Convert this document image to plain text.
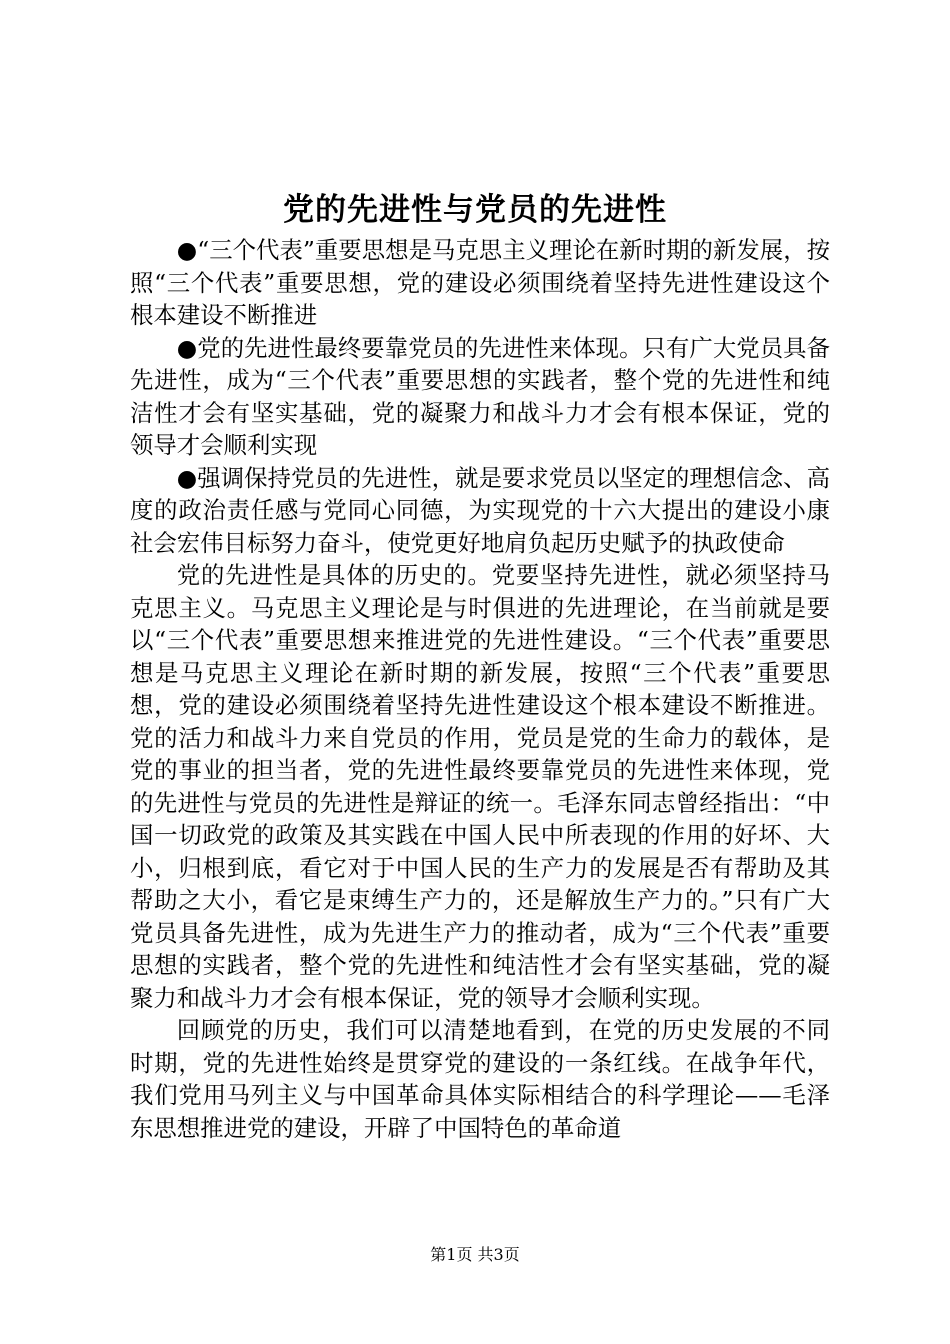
党的先进性与党员的先进性

●“三个代表”重要思想是马克思主义理论在新时期的新发展，按照“三个代表”重要思想，党的建设必须围绕着坚持先进性建设这个根本建设不断推进

●党的先进性最终要靠党员的先进性来体现。只有广大党员具备先进性，成为“三个代表”重要思想的实践者，整个党的先进性和纯洁性才会有坚实基础，党的凝聚力和战斗力才会有根本保证，党的领导才会顺利实现

●强调保持党员的先进性，就是要求党员以坚定的理想信念、高度的政治责任感与党同心同德，为实现党的十六大提出的建设小康社会宏伟目标努力奋斗，使党更好地肩负起历史赋予的执政使命

党的先进性是具体的历史的。党要坚持先进性，就必须坚持马克思主义。马克思主义理论是与时俱进的先进理论，在当前就是要以“三个代表”重要思想来推进党的先进性建设。“三个代表”重要思想是马克思主义理论在新时期的新发展，按照“三个代表”重要思想，党的建设必须围绕着坚持先进性建设这个根本建设不断推进。党的活力和战斗力来自党员的作用，党员是党的生命力的载体，是党的事业的担当者，党的先进性最终要靠党员的先进性来体现，党的先进性与党员的先进性是辩证的统一。毛泽东同志曾经指出：“中国一切政党的政策及其实践在中国人民中所表现的作用的好坏、大小，归根到底，看它对于中国人民的生产力的发展是否有帮助及其帮助之大小，看它是束缚生产力的，还是解放生产力的。”只有广大党员具备先进性，成为先进生产力的推动者，成为“三个代表”重要思想的实践者，整个党的先进性和纯洁性才会有坚实基础，党的凝聚力和战斗力才会有根本保证，党的领导才会顺利实现。

回顾党的历史，我们可以清楚地看到，在党的历史发展的不同时期，党的先进性始终是贯穿党的建设的一条红线。在战争年代，我们党用马列主义与中国革命具体实际相结合的科学理论——毛泽东思想推进党的建设，开辟了中国特色的革命道

第1页 共3页
